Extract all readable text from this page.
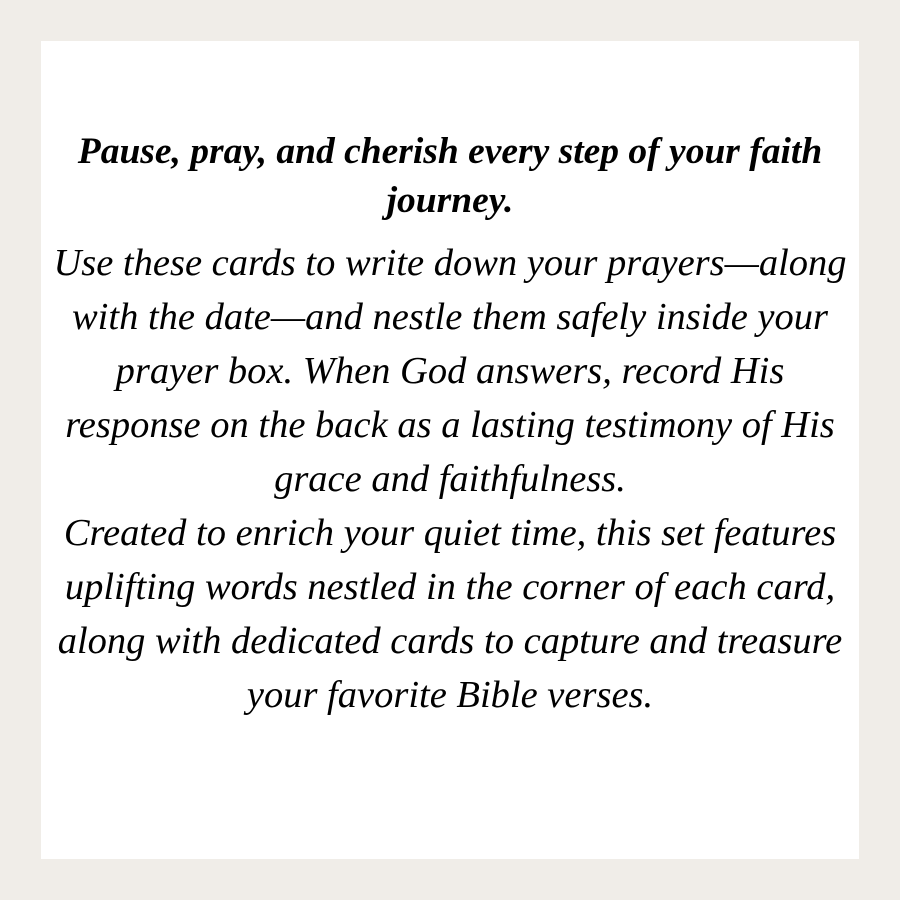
Pause, pray, and cherish every step of your faith journey.

Use these cards to write down your prayers—along with the date—and nestle them safely inside your prayer box. When God answers, record His response on the back as a lasting testimony of His grace and faithfulness.

Created to enrich your quiet time, this set features uplifting words nestled in the corner of each card, along with dedicated cards to capture and treasure your favorite Bible verses.
